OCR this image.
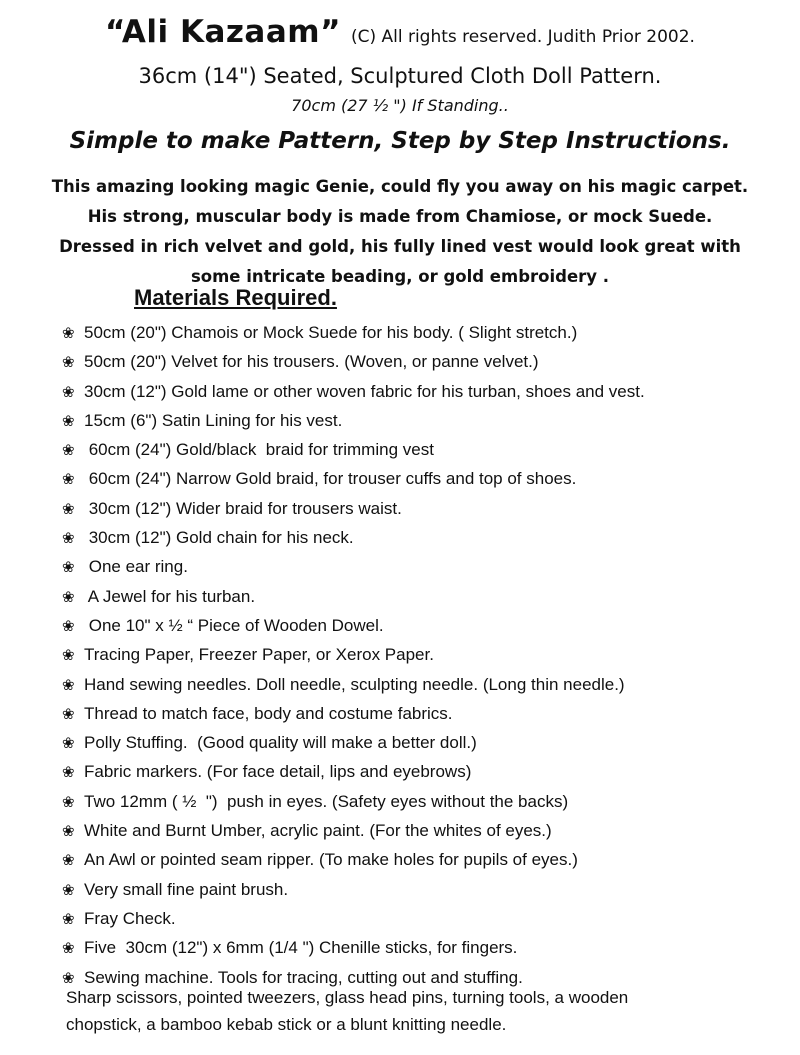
“Ali Kazaam” (C) All rights reserved. Judith Prior 2002.
36cm (14") Seated, Sculptured Cloth Doll Pattern.
70cm (27 ½ ") If Standing..
Simple to make Pattern, Step by Step Instructions.
This amazing looking magic Genie, could fly you away on his magic carpet.
His strong, muscular body is made from Chamiose, or mock Suede.
Dressed in rich velvet and gold, his fully lined vest would look great with
some intricate beading, or gold embroidery .
Materials Required.
❀ 50cm (20") Chamois or Mock Suede for his body. ( Slight stretch.)
❀ 50cm (20") Velvet for his trousers. (Woven, or panne velvet.)
❀ 30cm (12") Gold lame or other woven fabric for his turban, shoes and vest.
❀ 15cm (6") Satin Lining for his vest.
❀ 60cm (24") Gold/black  braid for trimming vest
❀ 60cm (24") Narrow Gold braid, for trouser cuffs and top of shoes.
❀ 30cm (12") Wider braid for trousers waist.
❀ 30cm (12") Gold chain for his neck.
❀ One ear ring.
❀ A Jewel for his turban.
❀ One 10" x ½ “ Piece of Wooden Dowel.
❀ Tracing Paper, Freezer Paper, or Xerox Paper.
❀ Hand sewing needles. Doll needle, sculpting needle. (Long thin needle.)
❀ Thread to match face, body and costume fabrics.
❀ Polly Stuffing.  (Good quality will make a better doll.)
❀ Fabric markers. (For face detail, lips and eyebrows)
❀ Two 12mm ( ½  ")  push in eyes. (Safety eyes without the backs)
❀ White and Burnt Umber, acrylic paint. (For the whites of eyes.)
❀ An Awl or pointed seam ripper. (To make holes for pupils of eyes.)
❀ Very small fine paint brush.
❀ Fray Check.
❀ Five  30cm (12") x 6mm (1/4 ") Chenille sticks, for fingers.
❀ Sewing machine. Tools for tracing, cutting out and stuffing.
Sharp scissors, pointed tweezers, glass head pins, turning tools, a wooden
chopstick, a bamboo kebab stick or a blunt knitting needle.
